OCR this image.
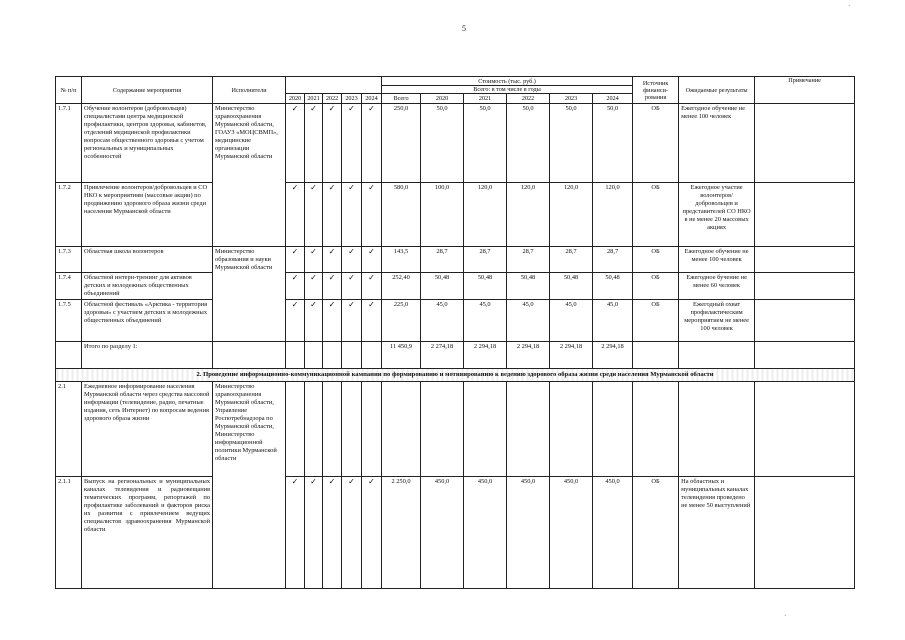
5
·
·
№ п/п	Содержание мероприятия	Исполнители						Стоимость (тыс. руб.)						Источник финанси-рования	Ожидаемые результаты	Примечание
								Всего: в том числе в годы								
			2020	2021	2022	2023	2024	Всего	2020	2021	2022	2023	2024			
1.7.1	Обучение волонтеров (добровольцев) специалистами центра медицинской профилактики, центров здоровья, кабинетов, отделений медицинской профилактики вопросам общественного здоровья с учетом региональных и муниципальных особенностей	Министерство здравоохранения Мурманской области, ГОАУЗ «МОЦСВМП», медицинские организации Мурманской области	✓	✓	✓	✓	✓	250,0	50,0	50,0	50,0	50,0	50,0	ОБ	Ежегодное обучение не менее 100 человек	
1.7.2	Привлечение волонтеров/добровольцев и СО НКО к мероприятиям (массовые акции) по продвижению здорового образа жизни среди населения Мурманской области		✓	✓	✓	✓	✓	580,0	100,0	120,0	120,0	120,0	120,0	ОБ	Ежегодное участие волонтеров/ добровольцев и представителей СО НКО в не менее 20 массовых акциях	
1.7.3	Областная школа волонтеров	Министерство образования и науки Мурманской области	✓	✓	✓	✓	✓	143,5	28,7	28,7	28,7	28,7	28,7	ОБ	Ежегодное обучение не менее 100 человек	
1.7.4	Областной интерн-тренинг для активов детских и молодежных общественных объединений		✓	✓	✓	✓	✓	252,40	50,48	50,48	50,48	50,48	50,48	ОБ	Ежегодное бучение не менее 60 человек	
1.7.5	Областной фестиваль «Арктика - территория здоровья» с участием детских и молодежных общественных объединений		✓	✓	✓	✓	✓	225,0	45,0	45,0	45,0	45,0	45,0	ОБ	Ежегодный охват профилактическим мероприятием не менее 100 человек	
	Итого по разделу 1:							11 450,9	2 274,18	2 294,18	2 294,18	2 294,18	2 294,18			
2. Проведение информационно-коммуникационной кампании по формированию и мотивированию к ведению здорового образа жизни среди населения Мурманской области																
2.1	Ежедневное информирование населения Мурманской области через средства массовой информации (телевидение, радио, печатные издания, сеть Интернет) по вопросам ведения здорового образа жизни	Министерство здравоохранения Мурманской области, Управление Роспотребнадзора по Мурманской области, Министерство информационной политики Мурманской области														
2.1.1	Выпуск на региональных и муниципальных каналах телевидения и радиовещания тематических программ, репортажей по профилактике заболеваний и факторов риска их развития с привлечением ведущих специалистов здравоохранения Мурманской области		✓	✓	✓	✓	✓	2 250,0	450,0	450,0	450,0	450,0	450,0	ОБ	На областных и муниципальных каналах телевидения проведено не менее 50 выступлений	
